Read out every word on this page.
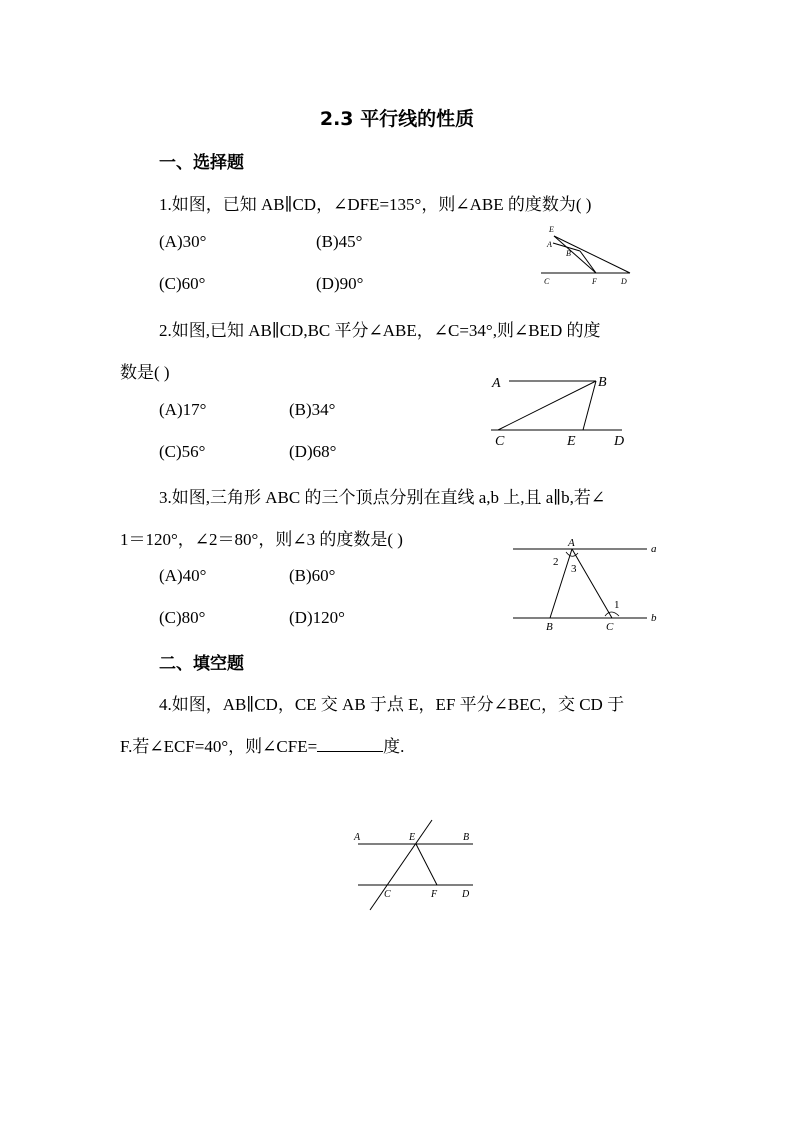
2.3 平行线的性质
一、选择题
1.如图，已知 AB∥CD，∠DFE=135°，则∠ABE 的度数为( )
(A)30°	(B)45°
(C)60°	(D)90°
E
A
B
C	F	D
2.如图,已知 AB∥CD,BC 平分∠ABE，∠C=34°,则∠BED 的度
数是( )
(A)17°	(B)34°
(C)56°	(D)68°
A	B
C	E	D
3.如图,三角形 ABC 的三个顶点分别在直线 a,b 上,且 a∥b,若∠
1＝120°，∠2＝80°，则∠3 的度数是( )
(A)40°	(B)60°
(C)80°	(D)120°
A	a
2
3
1
B	C
b
二、填空题
4.如图，AB∥CD，CE 交 AB 于点 E，EF 平分∠BEC，交 CD 于
F.若∠ECF=40°，则∠CFE=	度.
A	E	B
C	F D
